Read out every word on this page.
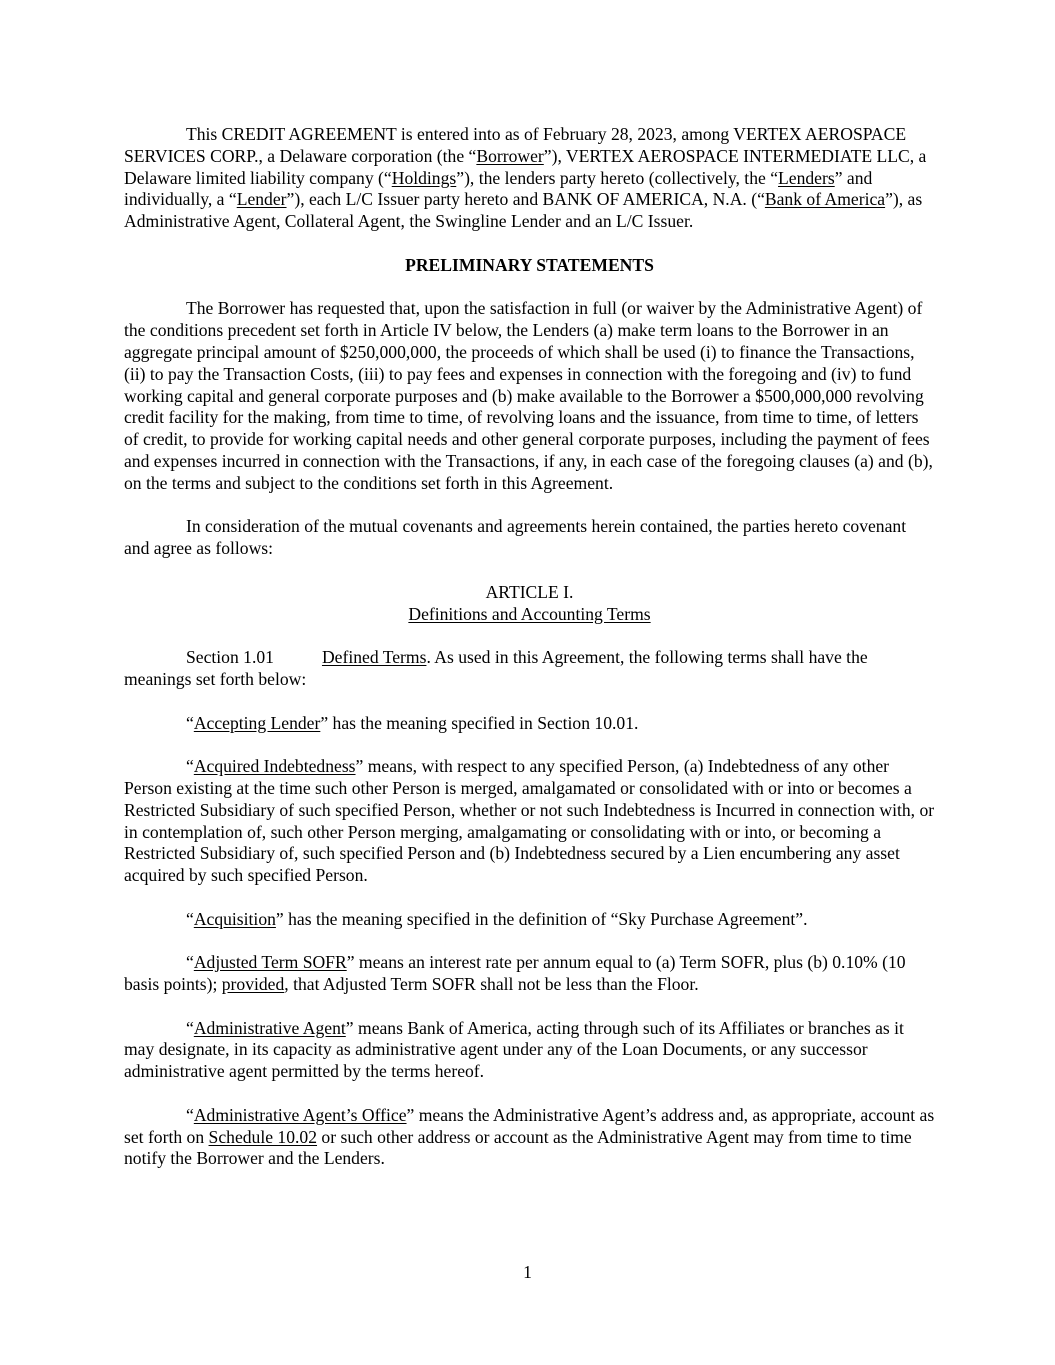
This CREDIT AGREEMENT is entered into as of February 28, 2023, among VERTEX AEROSPACE SERVICES CORP., a Delaware corporation (the “Borrower”), VERTEX AEROSPACE INTERMEDIATE LLC, a Delaware limited liability company (“Holdings”), the lenders party hereto (collectively, the “Lenders” and individually, a “Lender”), each L/C Issuer party hereto and BANK OF AMERICA, N.A. (“Bank of America”), as Administrative Agent, Collateral Agent, the Swingline Lender and an L/C Issuer.

PRELIMINARY STATEMENTS

The Borrower has requested that, upon the satisfaction in full (or waiver by the Administrative Agent) of the conditions precedent set forth in Article IV below, the Lenders (a) make term loans to the Borrower in an aggregate principal amount of $250,000,000, the proceeds of which shall be used (i) to finance the Transactions, (ii) to pay the Transaction Costs, (iii) to pay fees and expenses in connection with the foregoing and (iv) to fund working capital and general corporate purposes and (b) make available to the Borrower a $500,000,000 revolving credit facility for the making, from time to time, of revolving loans and the issuance, from time to time, of letters of credit, to provide for working capital needs and other general corporate purposes, including the payment of fees and expenses incurred in connection with the Transactions, if any, in each case of the foregoing clauses (a) and (b), on the terms and subject to the conditions set forth in this Agreement.

In consideration of the mutual covenants and agreements herein contained, the parties hereto covenant and agree as follows:

ARTICLE I.
Definitions and Accounting Terms

Section 1.01	Defined Terms. As used in this Agreement, the following terms shall have the meanings set forth below:

“Accepting Lender” has the meaning specified in Section 10.01.

“Acquired Indebtedness” means, with respect to any specified Person, (a) Indebtedness of any other Person existing at the time such other Person is merged, amalgamated or consolidated with or into or becomes a Restricted Subsidiary of such specified Person, whether or not such Indebtedness is Incurred in connection with, or in contemplation of, such other Person merging, amalgamating or consolidating with or into, or becoming a Restricted Subsidiary of, such specified Person and (b) Indebtedness secured by a Lien encumbering any asset acquired by such specified Person.

“Acquisition” has the meaning specified in the definition of “Sky Purchase Agreement”.

“Adjusted Term SOFR” means an interest rate per annum equal to (a) Term SOFR, plus (b) 0.10% (10 basis points); provided, that Adjusted Term SOFR shall not be less than the Floor.

“Administrative Agent” means Bank of America, acting through such of its Affiliates or branches as it may designate, in its capacity as administrative agent under any of the Loan Documents, or any successor administrative agent permitted by the terms hereof.

“Administrative Agent’s Office” means the Administrative Agent’s address and, as appropriate, account as set forth on Schedule 10.02 or such other address or account as the Administrative Agent may from time to time notify the Borrower and the Lenders.

1
